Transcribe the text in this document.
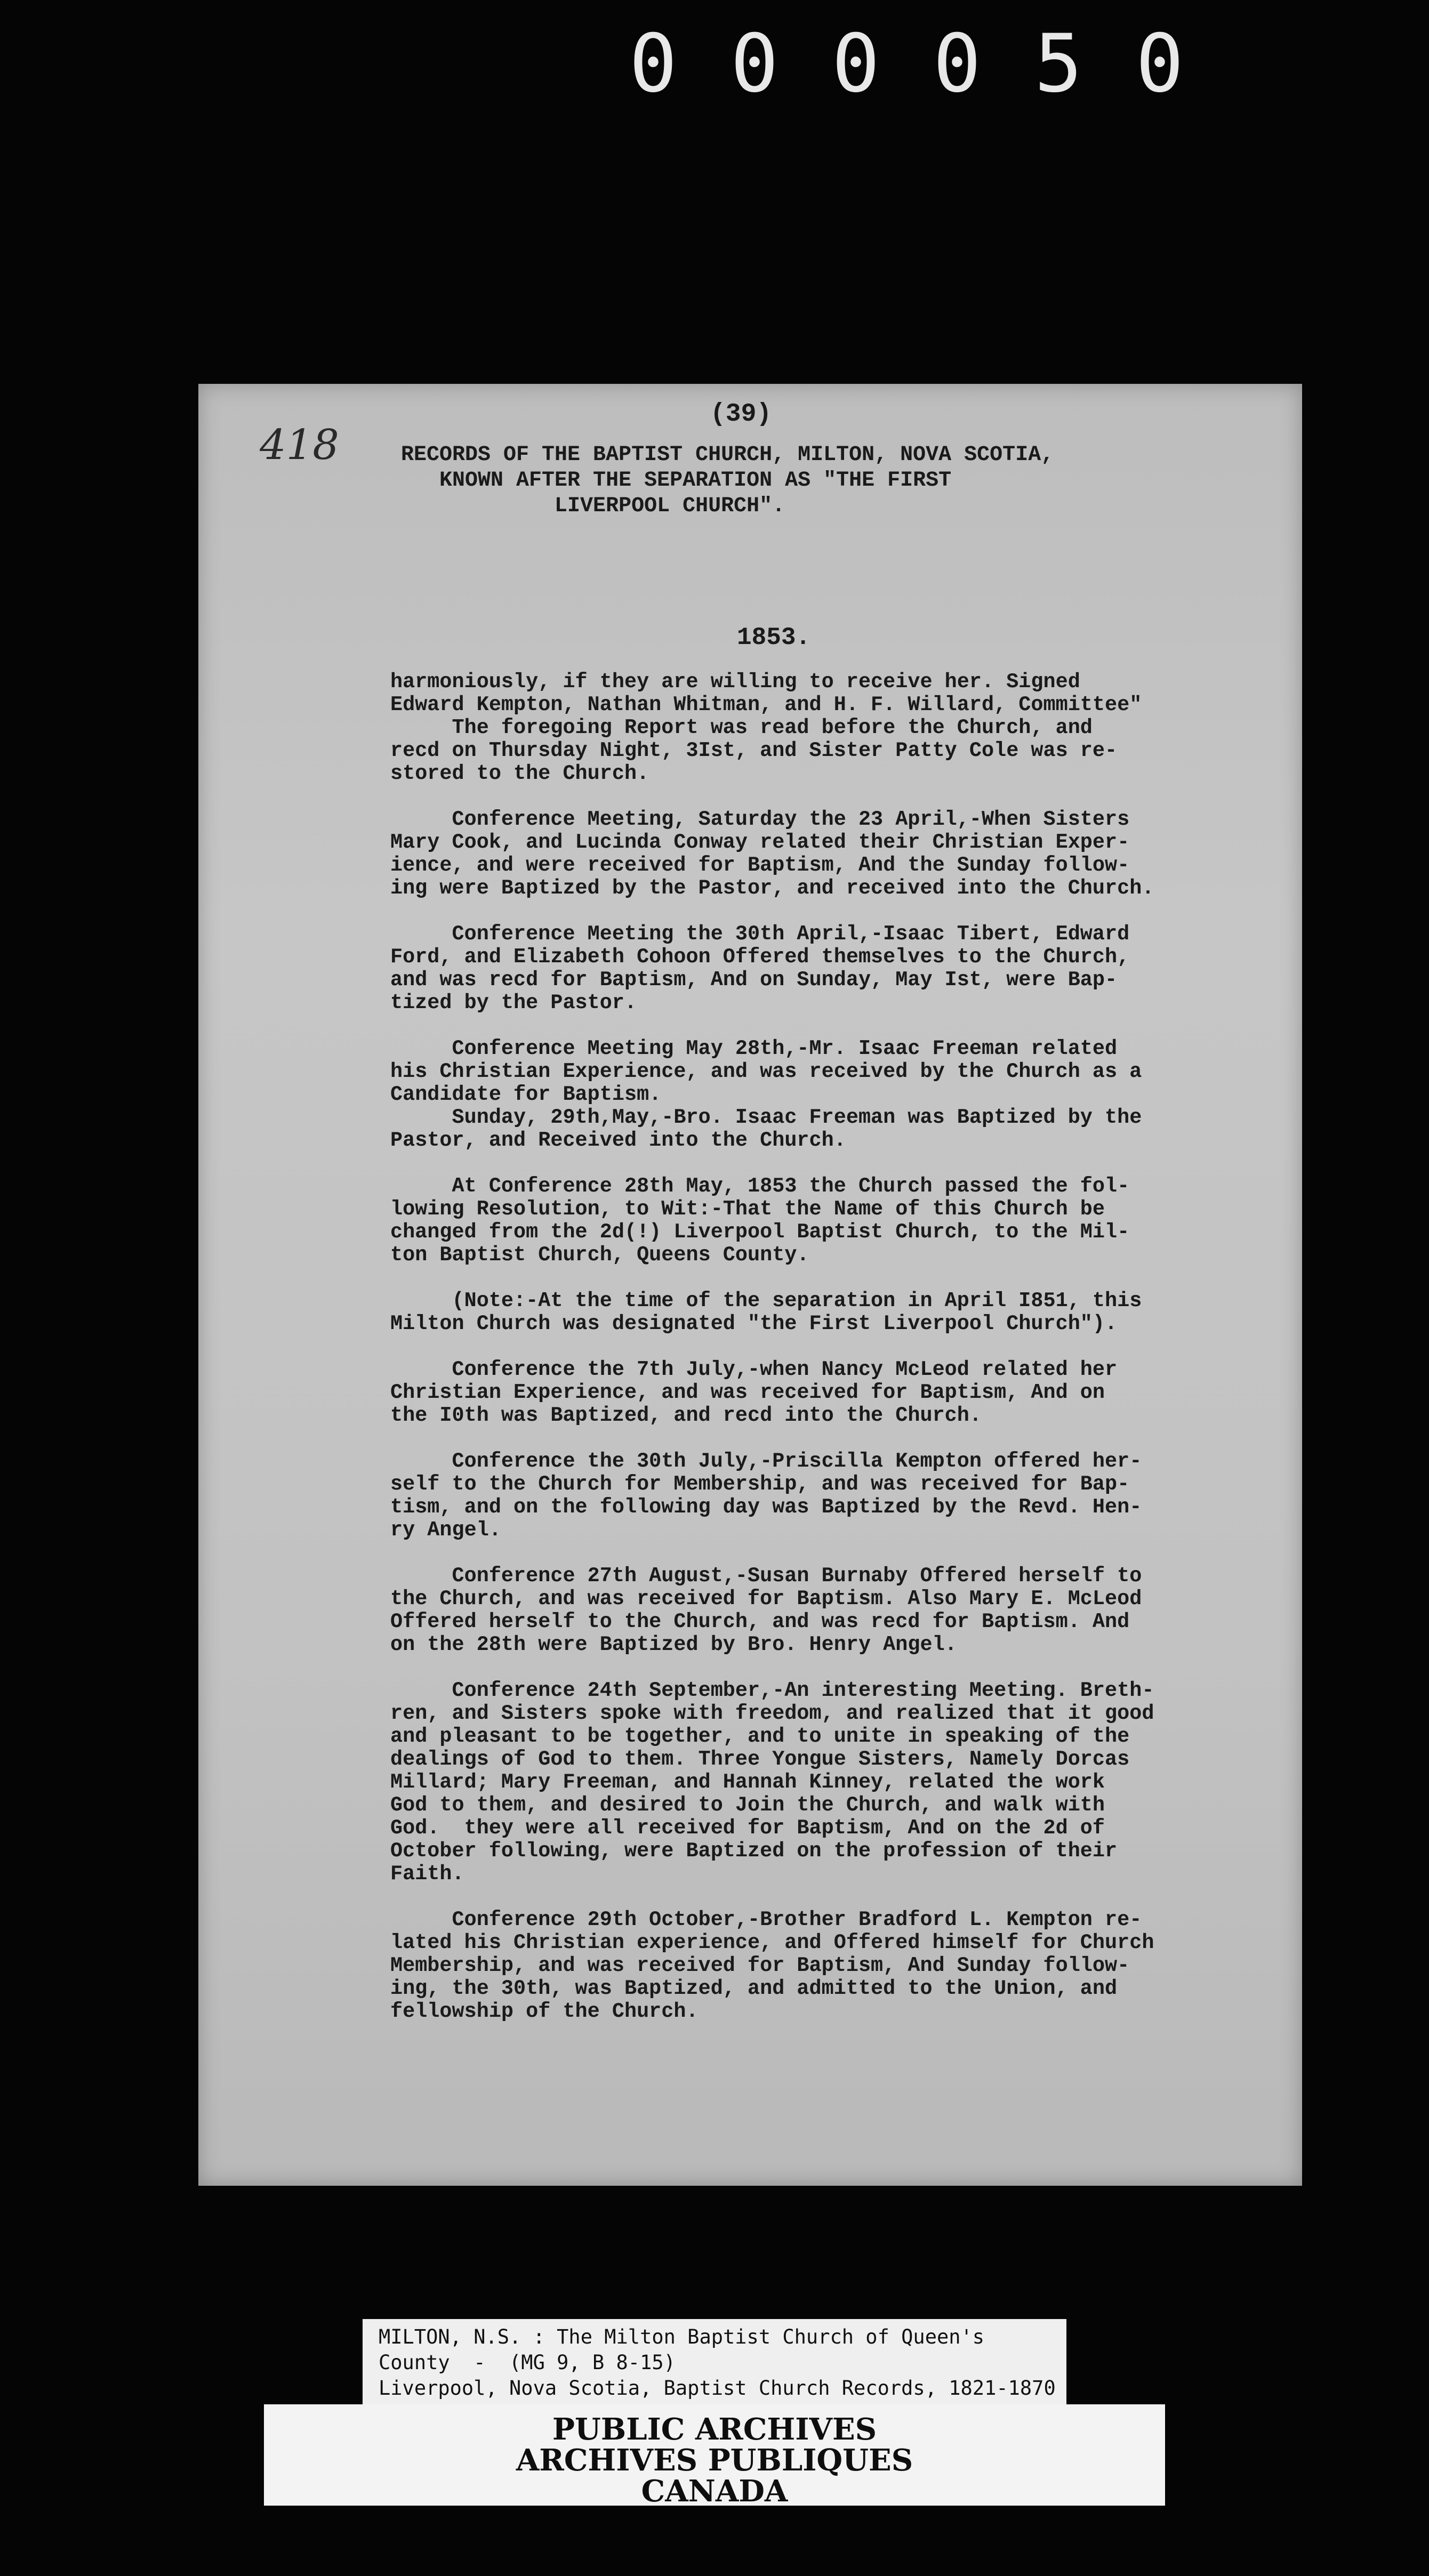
0 0 0 0 5 0
418
(39)
RECORDS OF THE BAPTIST CHURCH, MILTON, NOVA SCOTIA,
KNOWN AFTER THE SEPARATION AS "THE FIRST
LIVERPOOL CHURCH".
1853.
harmoniously, if they are willing to receive her. Signed
Edward Kempton, Nathan Whitman, and H. F. Willard, Committee"
The foregoing Report was read before the Church, and
recd on Thursday Night, 3Ist, and Sister Patty Cole was re-
stored to the Church.
Conference Meeting, Saturday the 23 April,-When Sisters
Mary Cook, and Lucinda Conway related their Christian Exper-
ience, and were received for Baptism, And the Sunday follow-
ing were Baptized by the Pastor, and received into the Church.
Conference Meeting the 30th April,-Isaac Tibert, Edward
Ford, and Elizabeth Cohoon Offered themselves to the Church,
and was recd for Baptism, And on Sunday, May Ist, were Bap-
tized by the Pastor.
Conference Meeting May 28th,-Mr. Isaac Freeman related
his Christian Experience, and was received by the Church as a
Candidate for Baptism.
Sunday, 29th,May,-Bro. Isaac Freeman was Baptized by the
Pastor, and Received into the Church.
At Conference 28th May, 1853 the Church passed the fol-
lowing Resolution, to Wit:-That the Name of this Church be
changed from the 2d(!) Liverpool Baptist Church, to the Mil-
ton Baptist Church, Queens County.
(Note:-At the time of the separation in April I851, this
Milton Church was designated "the First Liverpool Church").
Conference the 7th July,-when Nancy McLeod related her
Christian Experience, and was received for Baptism, And on
the I0th was Baptized, and recd into the Church.
Conference the 30th July,-Priscilla Kempton offered her-
self to the Church for Membership, and was received for Bap-
tism, and on the following day was Baptized by the Revd. Hen-
ry Angel.
Conference 27th August,-Susan Burnaby Offered herself to
the Church, and was received for Baptism. Also Mary E. McLeod
Offered herself to the Church, and was recd for Baptism. And
on the 28th were Baptized by Bro. Henry Angel.
Conference 24th September,-An interesting Meeting. Breth-
ren, and Sisters spoke with freedom, and realized that it good
and pleasant to be together, and to unite in speaking of the
dealings of God to them. Three Yongue Sisters, Namely Dorcas
Millard; Mary Freeman, and Hannah Kinney, related the work
God to them, and desired to Join the Church, and walk with
God.  they were all received for Baptism, And on the 2d of
October following, were Baptized on the profession of their
Faith.
Conference 29th October,-Brother Bradford L. Kempton re-
lated his Christian experience, and Offered himself for Church
Membership, and was received for Baptism, And Sunday follow-
ing, the 30th, was Baptized, and admitted to the Union, and
fellowship of the Church.
MILTON, N.S. : The Milton Baptist Church of Queen's
County  -  (MG 9, B 8-15)
Liverpool, Nova Scotia, Baptist Church Records, 1821-1870
PUBLIC ARCHIVES
ARCHIVES PUBLIQUES
CANADA
